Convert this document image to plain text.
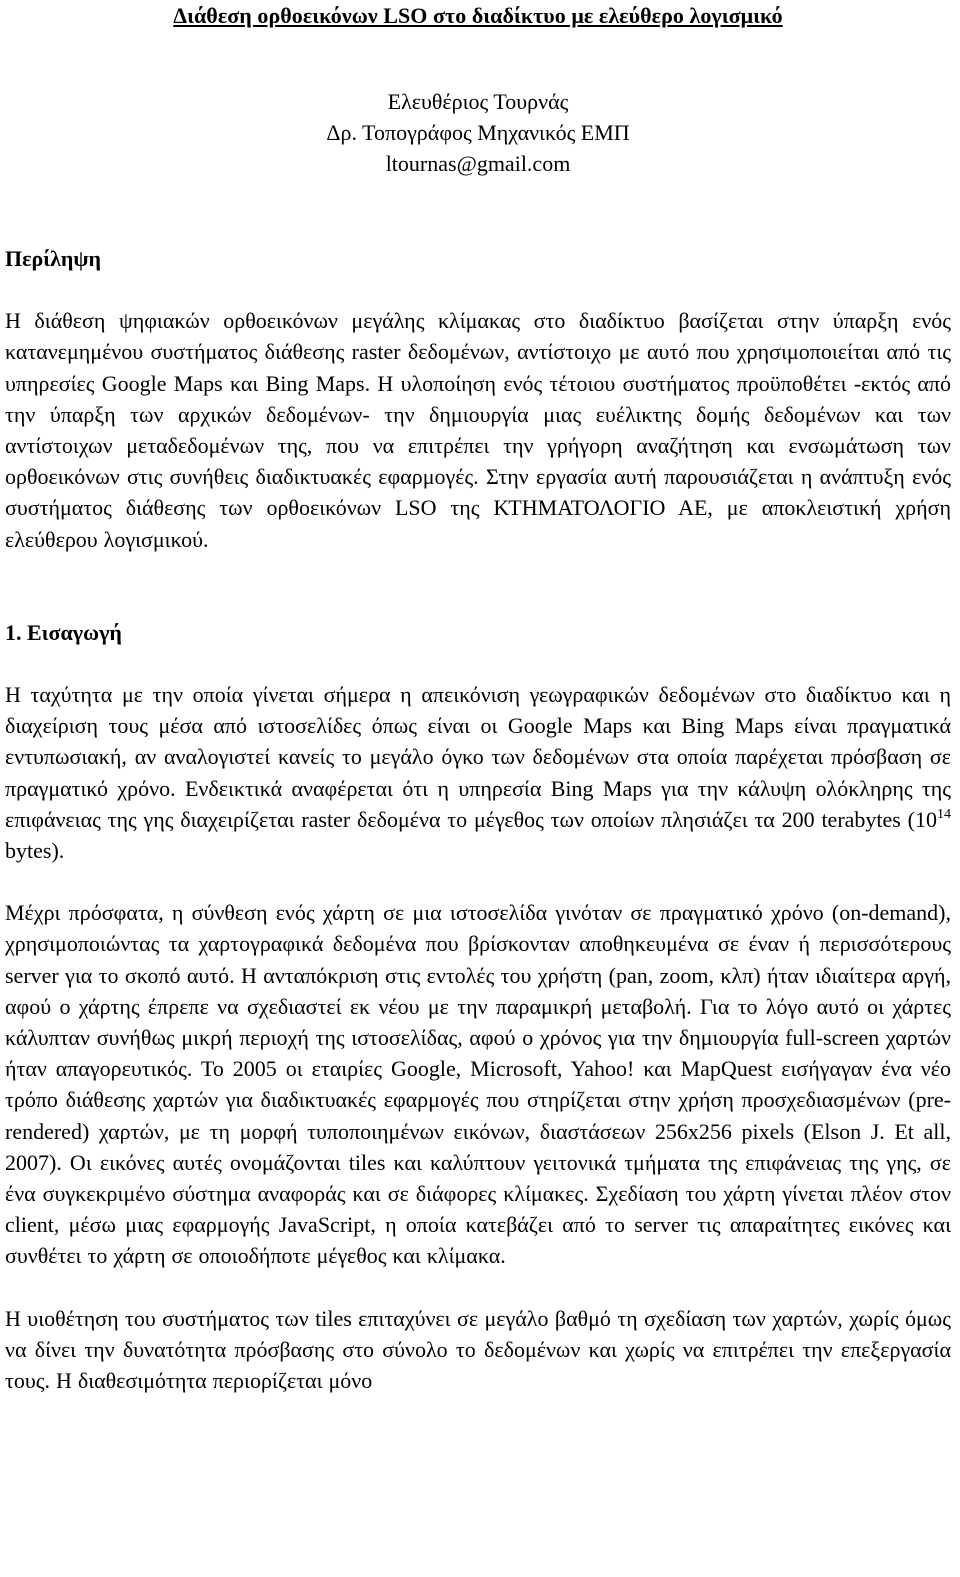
Διάθεση ορθοεικόνων LSO στο διαδίκτυο με ελεύθερο λογισμικό
Ελευθέριος Τουρνάς
Δρ. Τοπογράφος Μηχανικός ΕΜΠ
ltournas@gmail.com

Περίληψη

Η διάθεση ψηφιακών ορθοεικόνων μεγάλης κλίμακας στο διαδίκτυο βασίζεται στην ύπαρξη ενός κατανεμημένου συστήματος διάθεσης raster δεδομένων, αντίστοιχο με αυτό που χρησιμοποιείται από τις υπηρεσίες Google Maps και Bing Maps. Η υλοποίηση ενός τέτοιου συστήματος προϋποθέτει -εκτός από την ύπαρξη των αρχικών δεδομένων- την δημιουργία μιας ευέλικτης δομής δεδομένων και των αντίστοιχων μεταδεδομένων της, που να επιτρέπει την γρήγορη αναζήτηση και ενσωμάτωση των ορθοεικόνων στις συνήθεις διαδικτυακές εφαρμογές. Στην εργασία αυτή παρουσιάζεται η ανάπτυξη ενός συστήματος διάθεσης των ορθοεικόνων LSO της ΚΤΗΜΑΤΟΛΟΓΙΟ ΑΕ, με αποκλειστική χρήση ελεύθερου λογισμικού.

1. Εισαγωγή

Η ταχύτητα με την οποία γίνεται σήμερα η απεικόνιση γεωγραφικών δεδομένων στο διαδίκτυο και η διαχείριση τους μέσα από ιστοσελίδες όπως είναι οι Google Maps και Bing Maps είναι πραγματικά εντυπωσιακή, αν αναλογιστεί κανείς το μεγάλο όγκο των δεδομένων στα οποία παρέχεται πρόσβαση σε πραγματικό χρόνο. Ενδεικτικά αναφέρεται ότι η υπηρεσία Bing Maps για την κάλυψη ολόκληρης της επιφάνειας της γης διαχειρίζεται raster δεδομένα το μέγεθος των οποίων πλησιάζει τα 200 terabytes ($10^{14}$ bytes).

Μέχρι πρόσφατα, η σύνθεση ενός χάρτη σε μια ιστοσελίδα γινόταν σε πραγματικό χρόνο (on-demand), χρησιμοποιώντας τα χαρτογραφικά δεδομένα που βρίσκονταν αποθηκευμένα σε έναν ή περισσότερους server για το σκοπό αυτό. Η ανταπόκριση στις εντολές του χρήστη (pan, zoom, κλπ) ήταν ιδιαίτερα αργή, αφού ο χάρτης έπρεπε να σχεδιαστεί εκ νέου με την παραμικρή μεταβολή. Για το λόγο αυτό οι χάρτες κάλυπταν συνήθως μικρή περιοχή της ιστοσελίδας, αφού ο χρόνος για την δημιουργία full-screen χαρτών ήταν απαγορευτικός. Το 2005 οι εταιρίες Google, Microsoft, Yahoo! και MapQuest εισήγαγαν ένα νέο τρόπο διάθεσης χαρτών για διαδικτυακές εφαρμογές που στηρίζεται στην χρήση προσχεδιασμένων (pre-rendered) χαρτών, με τη μορφή τυποποιημένων εικόνων, διαστάσεων 256x256 pixels (Elson J. Et all, 2007). Οι εικόνες αυτές ονομάζονται tiles και καλύπτουν γειτονικά τμήματα της επιφάνειας της γης, σε ένα συγκεκριμένο σύστημα αναφοράς και σε διάφορες κλίμακες. Σχεδίαση του χάρτη γίνεται πλέον στον client, μέσω μιας εφαρμογής JavaScript, η οποία κατεβάζει από το server τις απαραίτητες εικόνες και συνθέτει το χάρτη σε οποιοδήποτε μέγεθος και κλίμακα.

Η υιοθέτηση του συστήματος των tiles επιταχύνει σε μεγάλο βαθμό τη σχεδίαση των χαρτών, χωρίς όμως να δίνει την δυνατότητα πρόσβασης στο σύνολο το δεδομένων και χωρίς να επιτρέπει την επεξεργασία τους. Η διαθεσιμότητα περιορίζεται μόνο
